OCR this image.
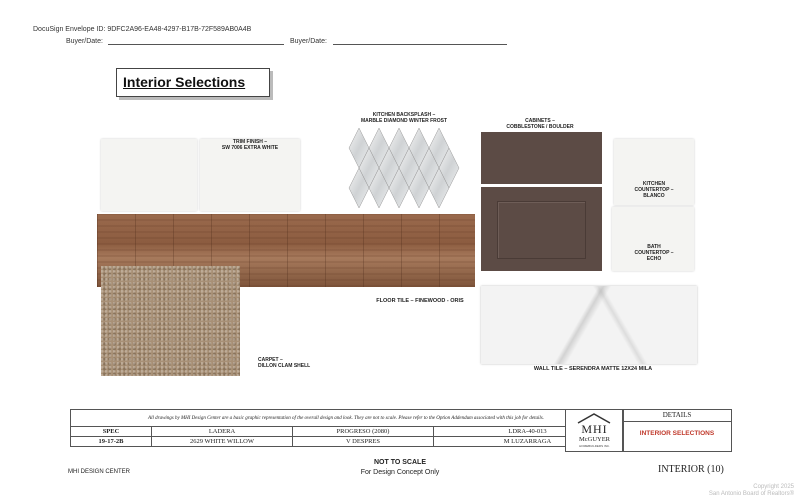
DocuSign Envelope ID: 9DFC2A96-EA48-4297-B17B-72F589AB0A4B
Buyer/Date:	Buyer/Date:
Interior Selections
TRIM FINISH –
SW 7006 EXTRA WHITE
KITCHEN BACKSPLASH –
MARBLE DIAMOND WINTER FROST	CABINETS –
COBBLESTONE / BOULDER
KITCHEN
COUNTERTOP –
BLANCO
BATH
COUNTERTOP –
ECHO
FLOOR TILE – FINEWOOD - ORIS
CARPET –
DILLON CLAM SHELL	WALL TILE – SERENDRA MATTE 12X24 MILA
All drawings by MHI Design Center are a basic graphic representation of the overall design and look. They are not to scale. Please refer to the Option Addendum associated with this job for details.			
SPEC	LADERA	PROGRESO (2080)	LDRA-40-013
19-17-2B	2629 WHITE WILLOW	V DESPRES	M LUZARRAGA
MHI
McGUYER
HOMEBUILDERS INC.
DETAILS
INTERIOR SELECTIONS
MHI DESIGN CENTER
NOT TO SCALE
For Design Concept Only	INTERIOR (10)
Copyright 2025
San Antonio Board of Realtors®
